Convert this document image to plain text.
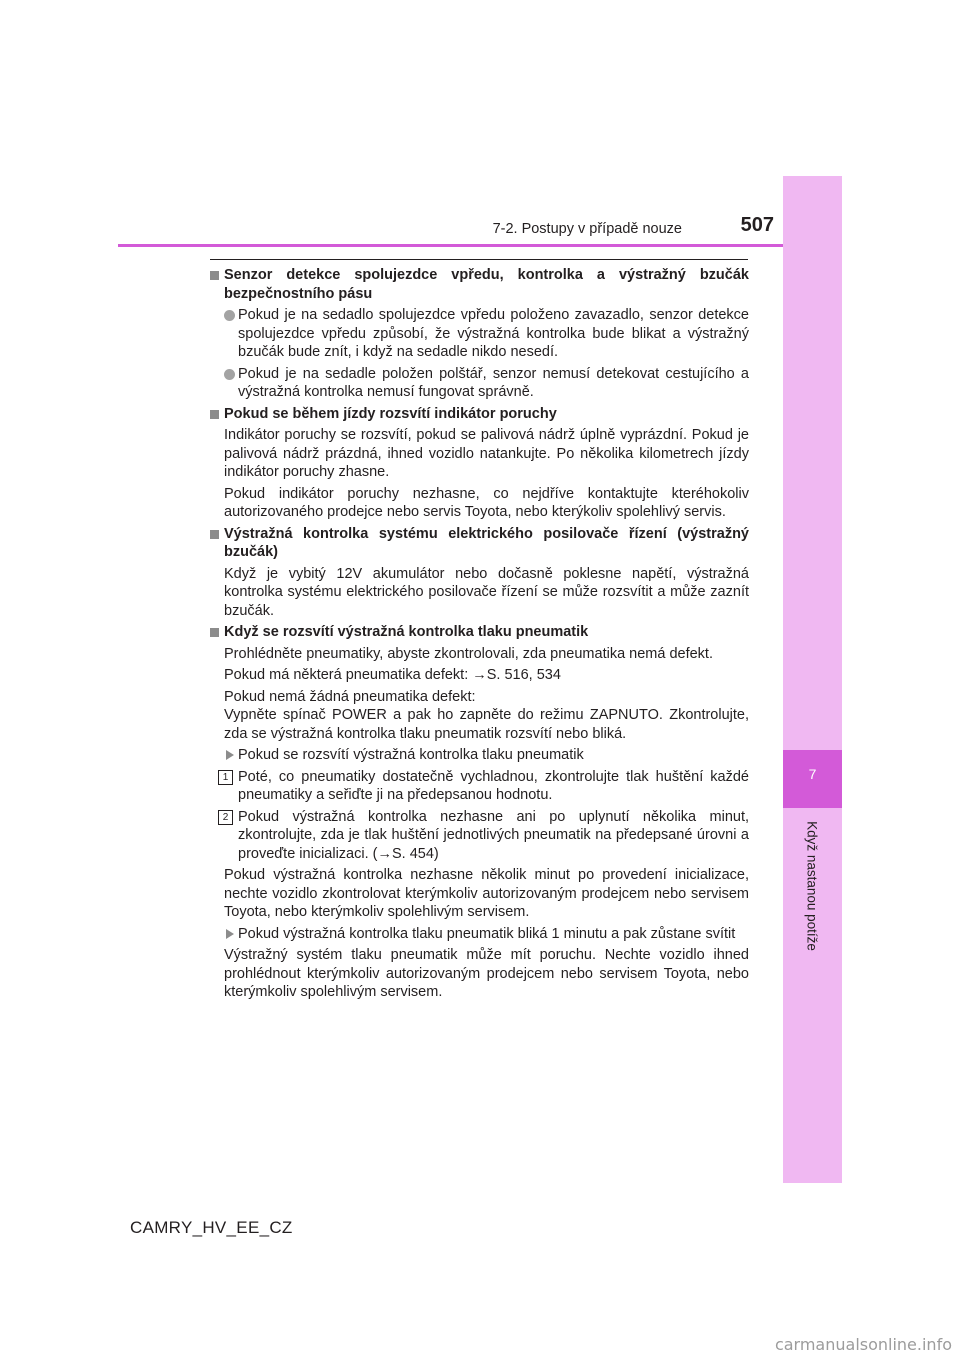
7
Když nastanou potíže
7-2. Postupy v případě nouze	507
Senzor detekce spolujezdce vpředu, kontrolka a výstražný bzučák bezpečnostního pásu
Pokud je na sedadlo spolujezdce vpředu položeno zavazadlo, senzor detekce spolujezdce vpředu způsobí, že výstražná kontrolka bude blikat a výstražný bzučák bude znít, i když na sedadle nikdo nesedí.
Pokud je na sedadle položen polštář, senzor nemusí detekovat cestujícího a výstražná kontrolka nemusí fungovat správně.
Pokud se během jízdy rozsvítí indikátor poruchy
Indikátor poruchy se rozsvítí, pokud se palivová nádrž úplně vyprázdní. Pokud je palivová nádrž prázdná, ihned vozidlo natankujte. Po několika kilometrech jízdy indikátor poruchy zhasne.
Pokud indikátor poruchy nezhasne, co nejdříve kontaktujte kteréhokoliv autorizovaného prodejce nebo servis Toyota, nebo kterýkoliv spolehlivý servis.
Výstražná kontrolka systému elektrického posilovače řízení (výstražný bzučák)
Když je vybitý 12V akumulátor nebo dočasně poklesne napětí, výstražná kontrolka systému elektrického posilovače řízení se může rozsvítit a může zaznít bzučák.
Když se rozsvítí výstražná kontrolka tlaku pneumatik
Prohlédněte pneumatiky, abyste zkontrolovali, zda pneumatika nemá defekt.
Pokud má některá pneumatika defekt: →S. 516, 534
Pokud nemá žádná pneumatika defekt:
Vypněte spínač POWER a pak ho zapněte do režimu ZAPNUTO. Zkontrolujte, zda se výstražná kontrolka tlaku pneumatik rozsvítí nebo bliká.
Pokud se rozsvítí výstražná kontrolka tlaku pneumatik
1 Poté, co pneumatiky dostatečně vychladnou, zkontrolujte tlak huštění každé pneumatiky a seřiďte ji na předepsanou hodnotu.
2 Pokud výstražná kontrolka nezhasne ani po uplynutí několika minut, zkontrolujte, zda je tlak huštění jednotlivých pneumatik na předepsané úrovni a proveďte inicializaci. (→S. 454)
Pokud výstražná kontrolka nezhasne několik minut po provedení inicializace, nechte vozidlo zkontrolovat kterýmkoliv autorizovaným prodejcem nebo servisem Toyota, nebo kterýmkoliv spolehlivým servisem.
Pokud výstražná kontrolka tlaku pneumatik bliká 1 minutu a pak zůstane svítit
Výstražný systém tlaku pneumatik může mít poruchu. Nechte vozidlo ihned prohlédnout kterýmkoliv autorizovaným prodejcem nebo servisem Toyota, nebo kterýmkoliv spolehlivým servisem.
CAMRY_HV_EE_CZ
carmanualsonline.info
